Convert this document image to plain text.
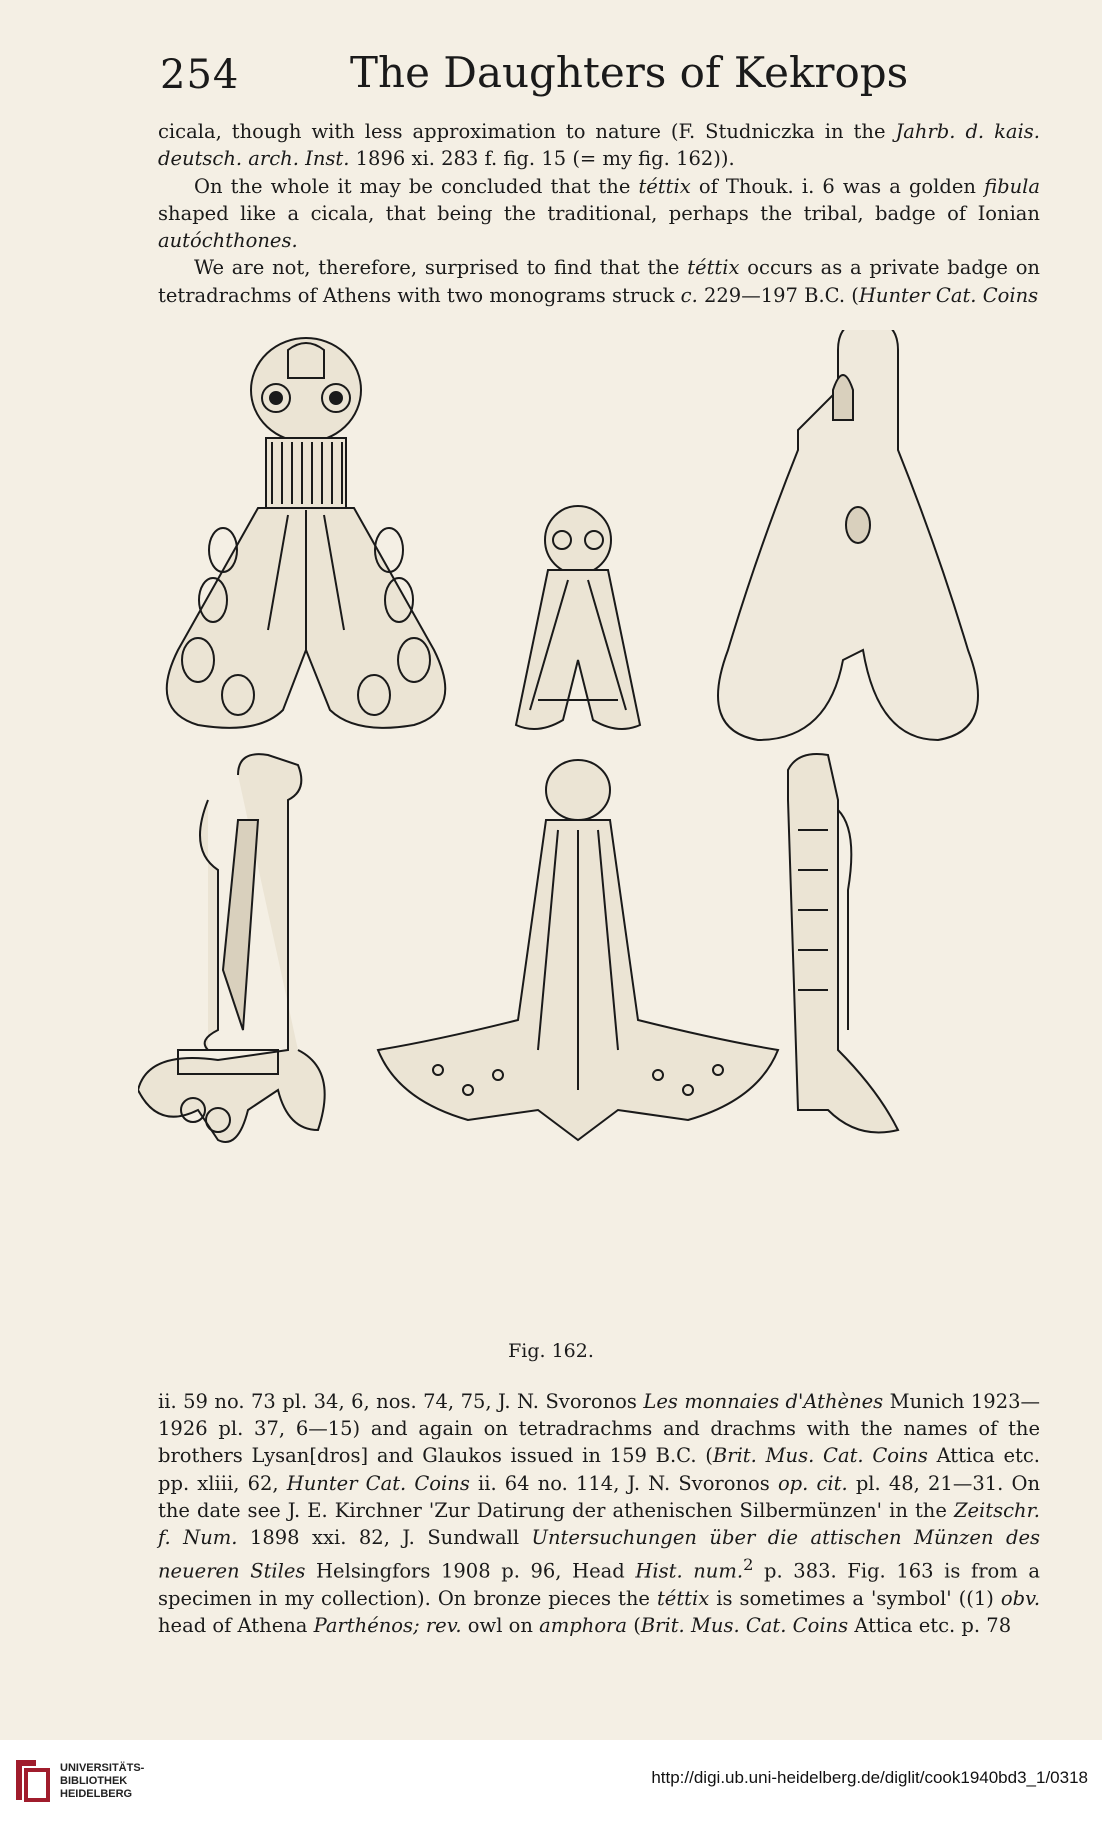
254	The Daughters of Kekrops

cicala, though with less approximation to nature (F. Studniczka in the Jahrb. d. kais. deutsch. arch. Inst. 1896 xi. 283 f. fig. 15 (= my fig. 162)).

On the whole it may be concluded that the téttix of Thouk. i. 6 was a golden fibula shaped like a cicala, that being the traditional, perhaps the tribal, badge of Ionian autóchthones.

We are not, therefore, surprised to find that the téttix occurs as a private badge on tetradrachms of Athens with two monograms struck c. 229—197 B.C. (Hunter Cat. Coins

Fig. 162.

ii. 59 no. 73 pl. 34, 6, nos. 74, 75, J. N. Svoronos Les monnaies d'Athènes Munich 1923—1926 pl. 37, 6—15) and again on tetradrachms and drachms with the names of the brothers Lysan[dros] and Glaukos issued in 159 B.C. (Brit. Mus. Cat. Coins Attica etc. pp. xliii, 62, Hunter Cat. Coins ii. 64 no. 114, J. N. Svoronos op. cit. pl. 48, 21—31. On the date see J. E. Kirchner 'Zur Datirung der athenischen Silbermünzen' in the Zeitschr. f. Num. 1898 xxi. 82, J. Sundwall Untersuchungen über die attischen Münzen des neueren Stiles Helsingfors 1908 p. 96, Head Hist. num.$^2$ p. 383. Fig. 163 is from a specimen in my collection). On bronze pieces the téttix is sometimes a 'symbol' ((1) obv. head of Athena Parthénos; rev. owl on amphora (Brit. Mus. Cat. Coins Attica etc. p. 78

UNIVERSITÄTS-
BIBLIOTHEK
HEIDELBERG
http://digi.ub.uni-heidelberg.de/diglit/cook1940bd3_1/0318
